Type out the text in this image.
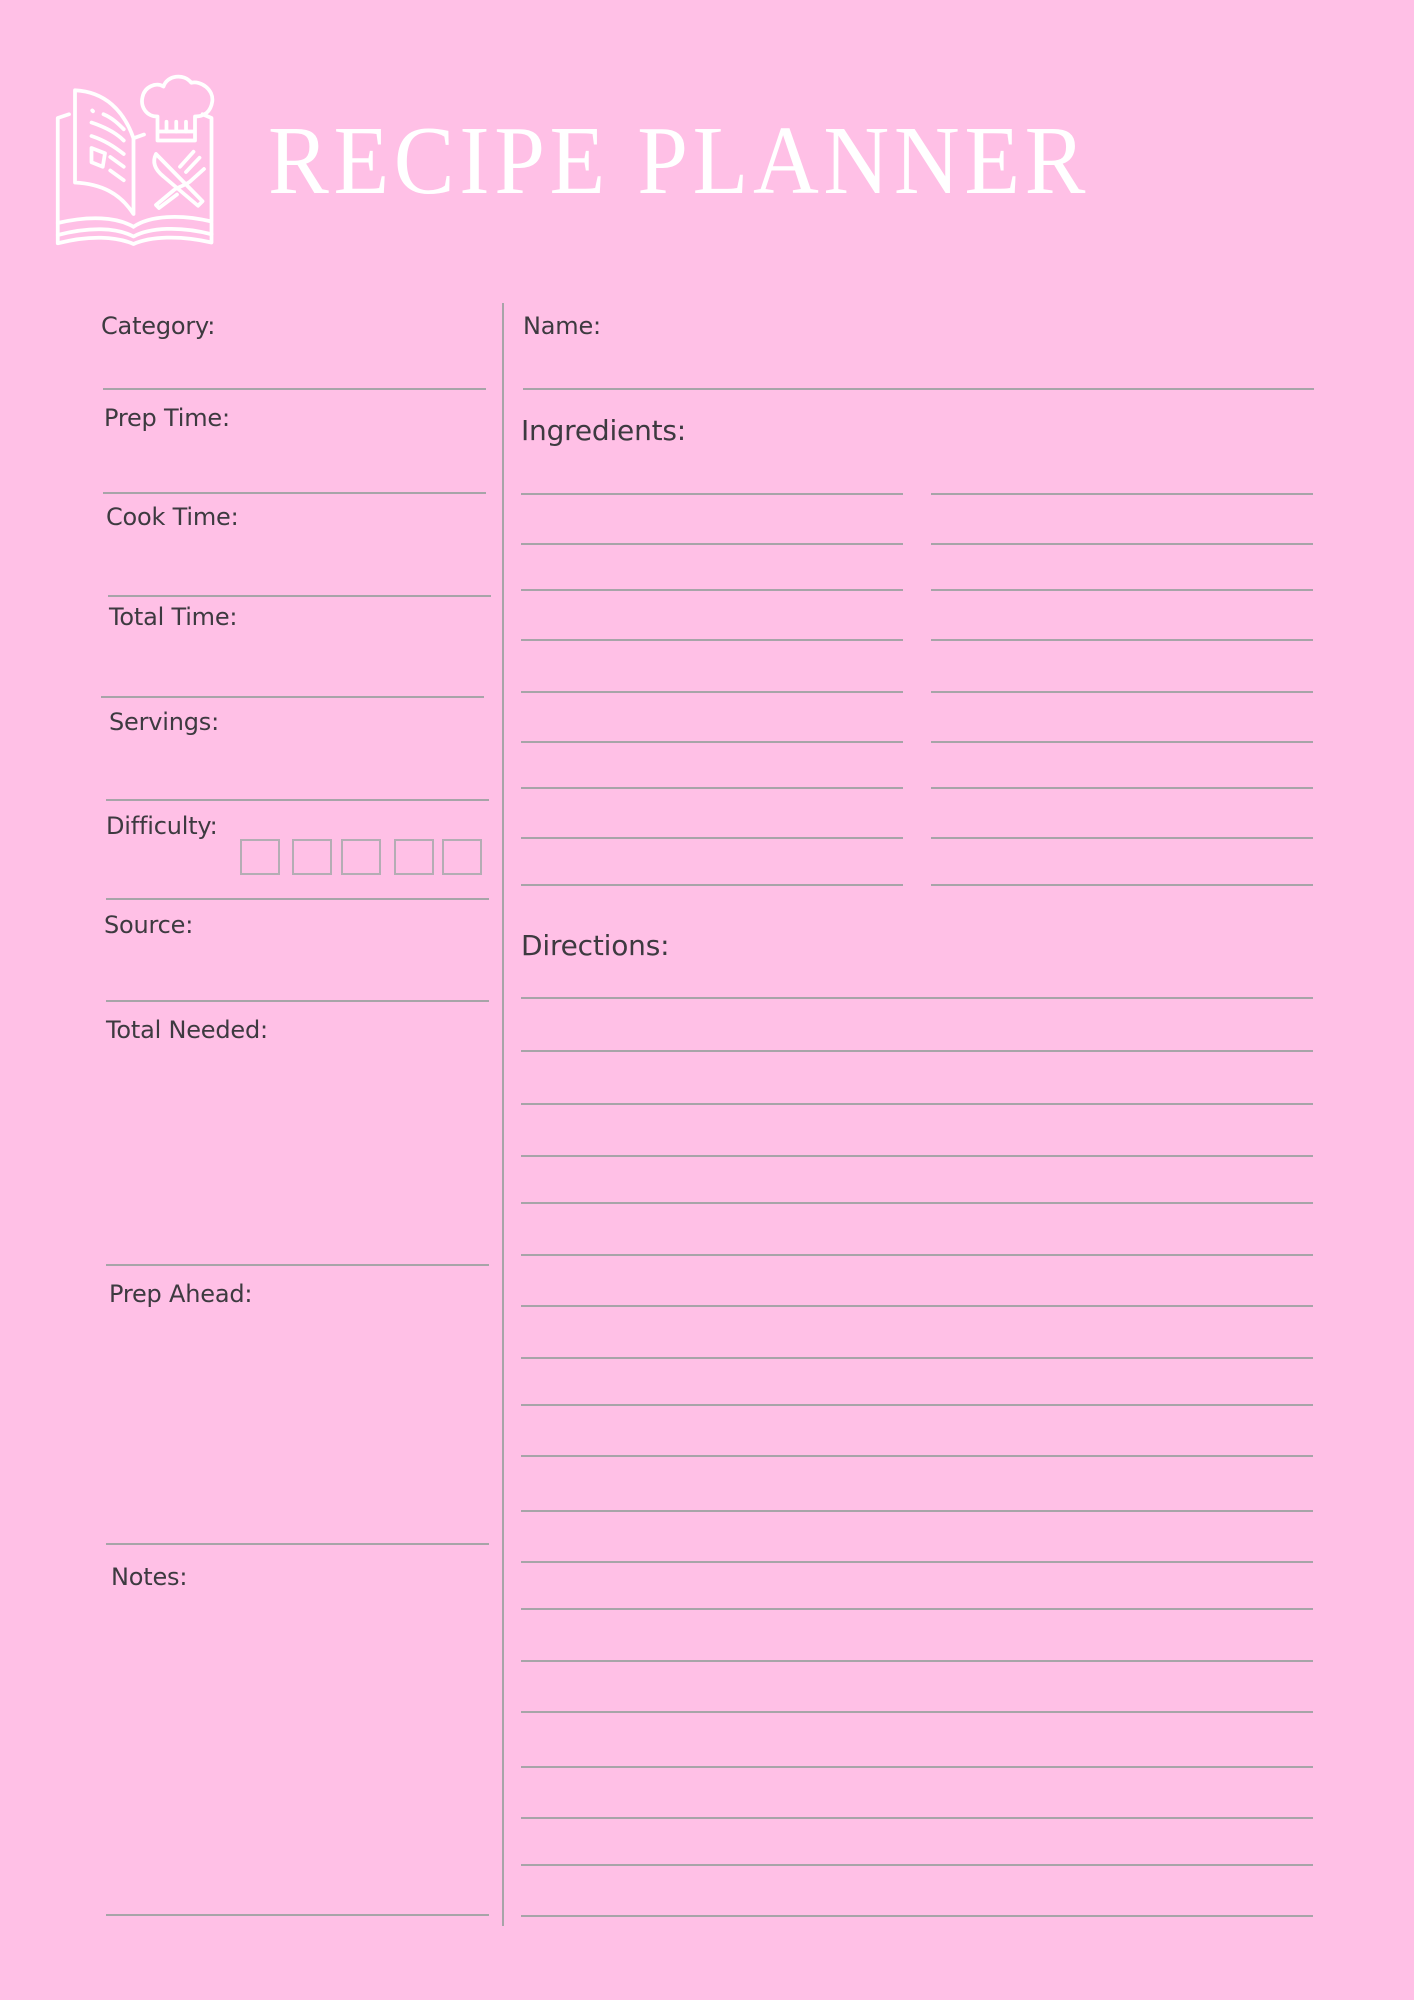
RECIPE PLANNER
Category:
Prep Time:
Cook Time:
Total Time:
Servings:
Difficulty:
Source:
Total Needed:
Prep Ahead:
Notes:
Name:
Ingredients:
Directions:
